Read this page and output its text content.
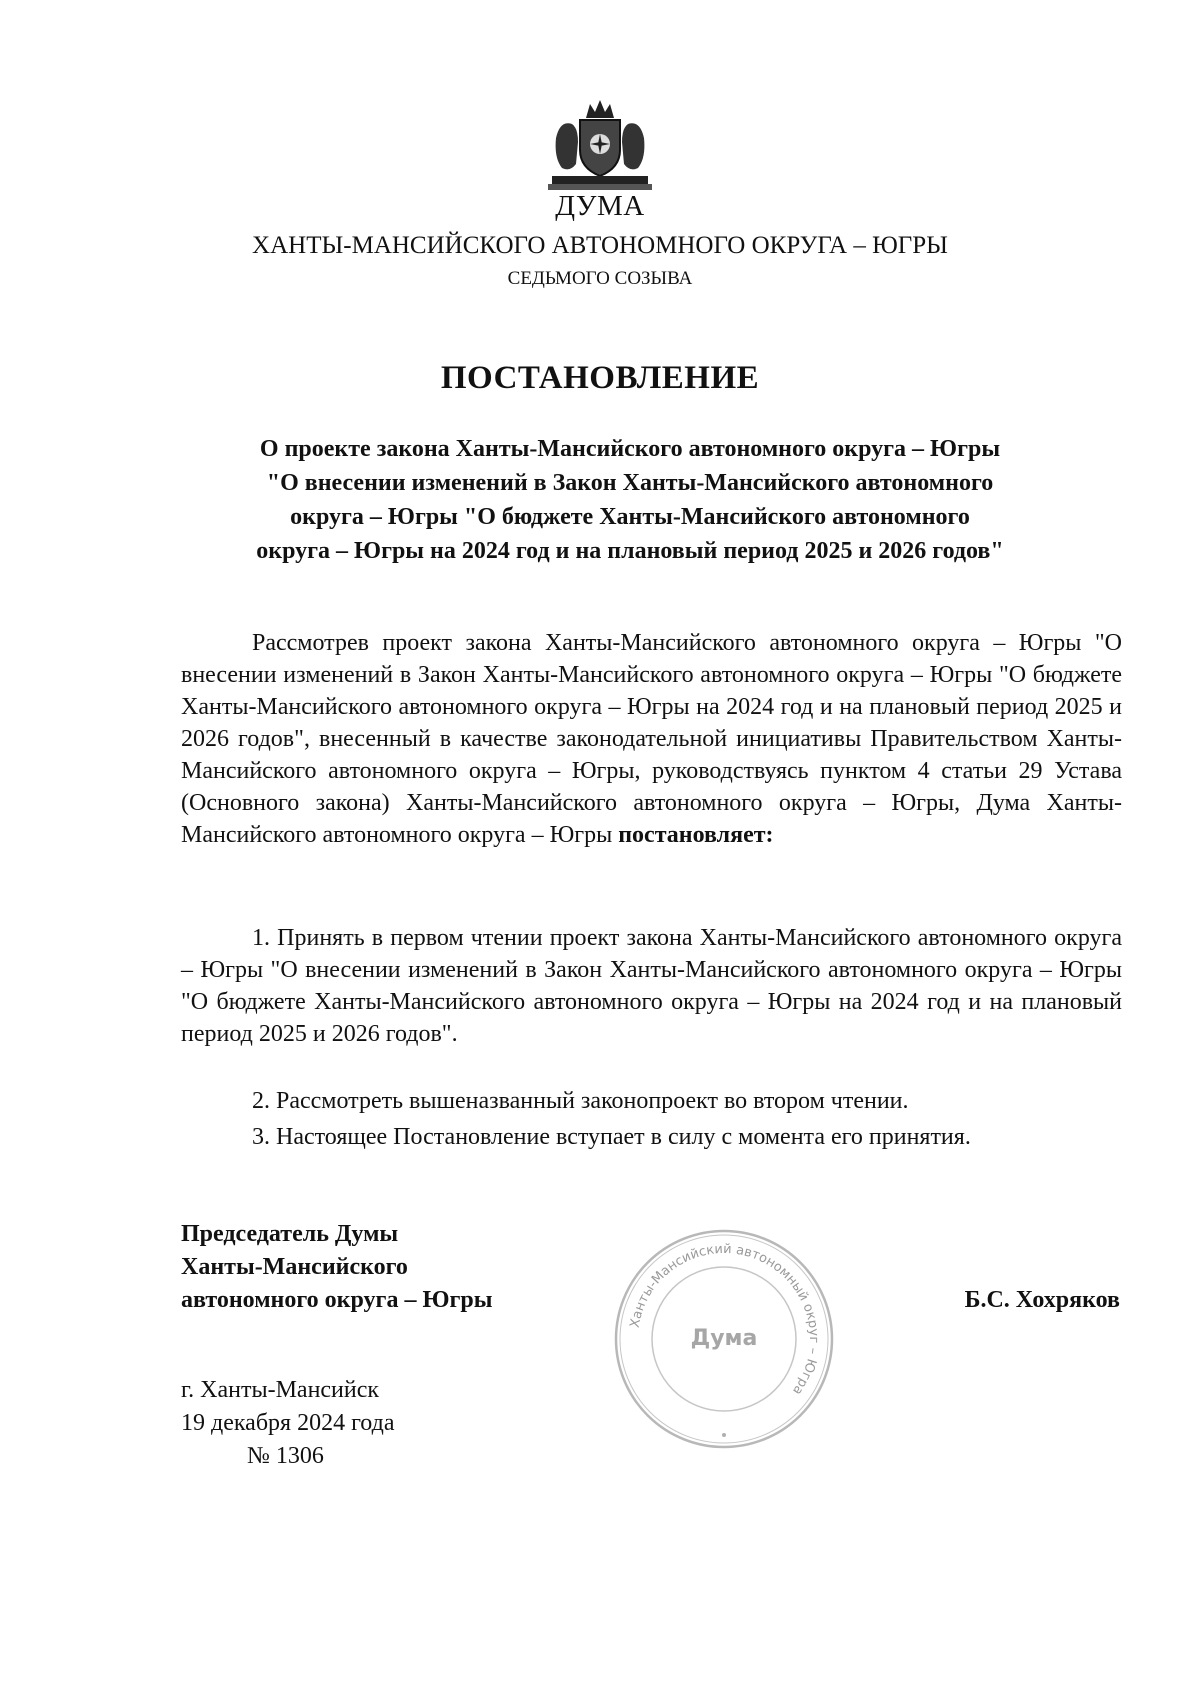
ДУМА
ХАНТЫ-МАНСИЙСКОГО АВТОНОМНОГО ОКРУГА – ЮГРЫ
СЕДЬМОГО СОЗЫВА
ПОСТАНОВЛЕНИЕ
О проекте закона Ханты-Мансийского автономного округа – Югры
"О внесении изменений в Закон Ханты-Мансийского автономного
округа – Югры "О бюджете Ханты-Мансийского автономного
округа – Югры на 2024 год и на плановый период 2025 и 2026 годов"
Рассмотрев проект закона Ханты-Мансийского автономного округа – Югры "О внесении изменений в Закон Ханты-Мансийского автономного округа – Югры "О бюджете Ханты-Мансийского автономного округа – Югры на 2024 год и на плановый период 2025 и 2026 годов", внесенный в качестве законодательной инициативы Правительством Ханты-Мансийского автономного округа – Югры, руководствуясь пунктом 4 статьи 29 Устава (Основного закона) Ханты-Мансийского автономного округа – Югры, Дума Ханты-Мансийского автономного округа – Югры постановляет:
1. Принять в первом чтении проект закона Ханты-Мансийского автономного округа – Югры "О внесении изменений в Закон Ханты-Мансийского автономного округа – Югры "О бюджете Ханты-Мансийского автономного округа – Югры на 2024 год и на плановый период 2025 и 2026 годов".
2. Рассмотреть вышеназванный законопроект во втором чтении.
3. Настоящее Постановление вступает в силу с момента его принятия.
Председатель Думы
Ханты-Мансийского
автономного округа – Югры
Ханты-Мансийский автономный округ – Югра
Дума
Б.С. Хохряков
г. Ханты-Мансийск
19 декабря 2024 года
№ 1306
